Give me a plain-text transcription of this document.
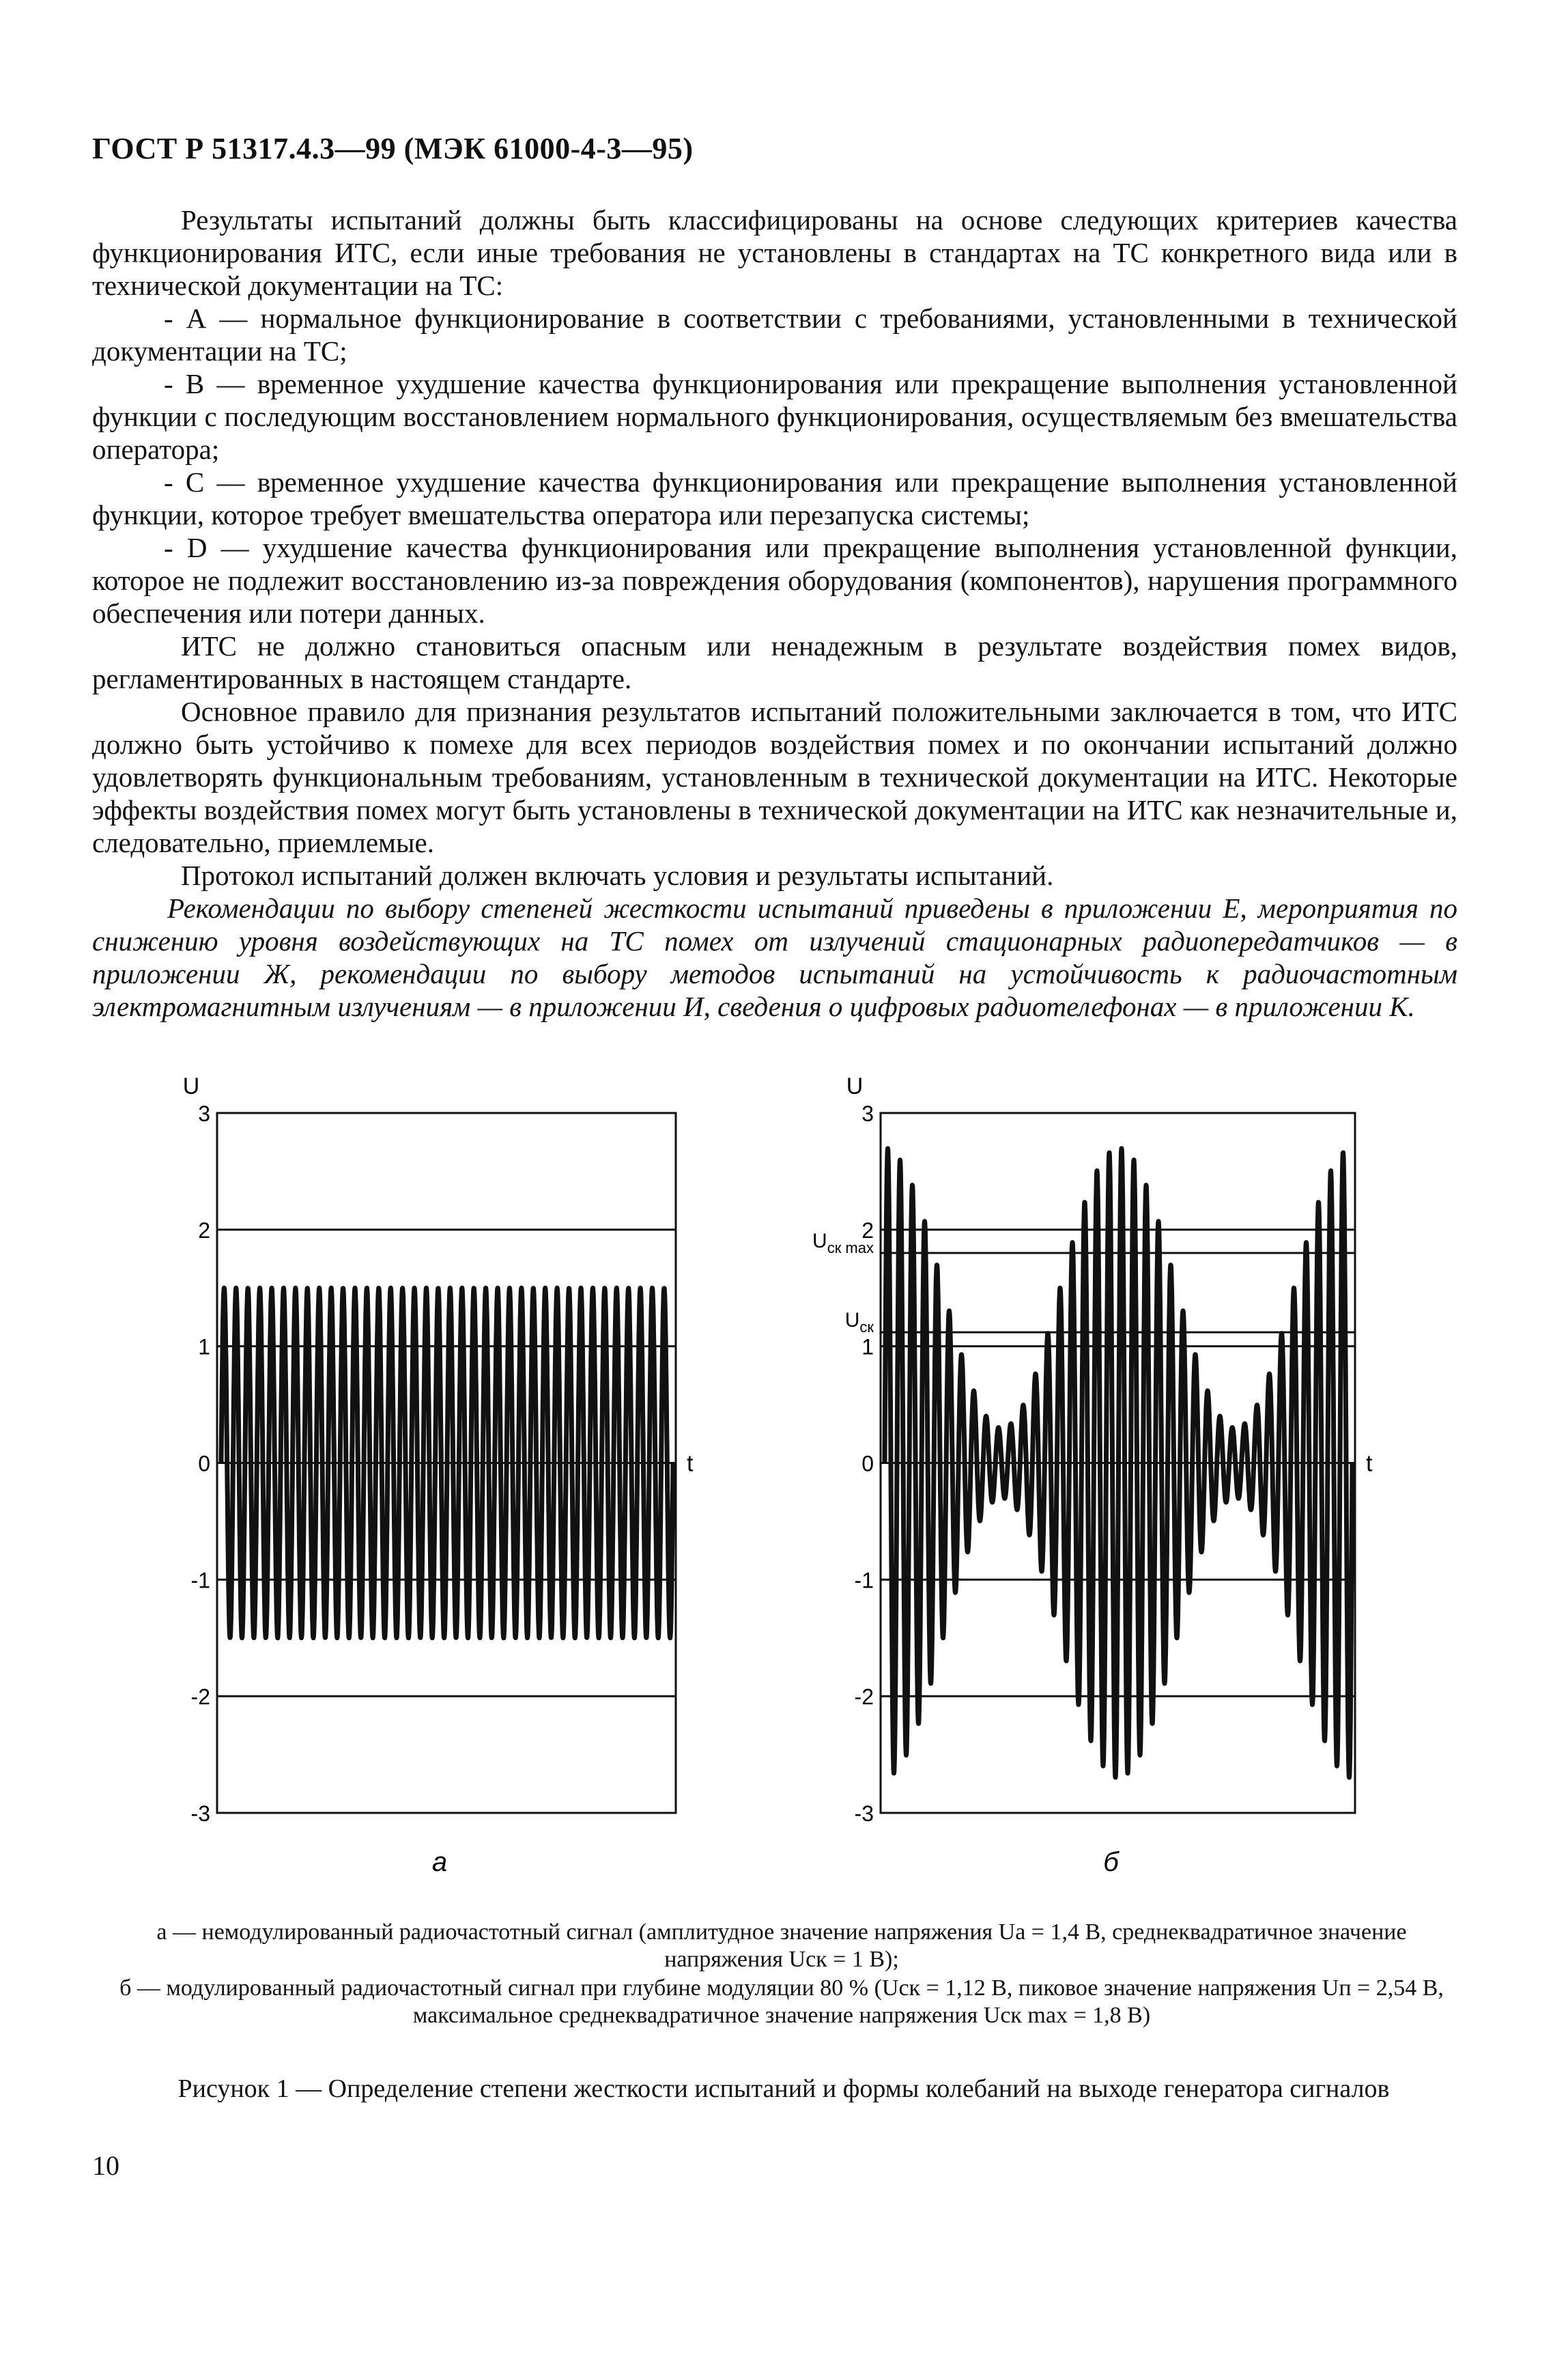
ГОСТ Р 51317.4.3—99 (МЭК 61000-4-3—95)

Результаты испытаний должны быть классифицированы на основе следующих критериев качества функционирования ИТС, если иные требования не установлены в стандартах на ТС конкретного вида или в технической документации на ТС:

- А — нормальное функционирование в соответствии с требованиями, установленными в технической документации на ТС;

- В — временное ухудшение качества функционирования или прекращение выполнения установленной функции с последующим восстановлением нормального функционирования, осуществляемым без вмешательства оператора;

- С — временное ухудшение качества функционирования или прекращение выполнения установленной функции, которое требует вмешательства оператора или перезапуска системы;

- D — ухудшение качества функционирования или прекращение выполнения установленной функции, которое не подлежит восстановлению из-за повреждения оборудования (компонентов), нарушения программного обеспечения или потери данных.

ИТС не должно становиться опасным или ненадежным в результате воздействия помех видов, регламентированных в настоящем стандарте.

Основное правило для признания результатов испытаний положительными заключается в том, что ИТС должно быть устойчиво к помехе для всех периодов воздействия помех и по окончании испытаний должно удовлетворять функциональным требованиям, установленным в технической документации на ИТС. Некоторые эффекты воздействия помех могут быть установлены в технической документации на ИТС как незначительные и, следовательно, приемлемые.

Протокол испытаний должен включать условия и результаты испытаний.

Рекомендации по выбору степеней жесткости испытаний приведены в приложении Е, мероприятия по снижению уровня воздействующих на ТС помех от излучений стационарных радиопередатчиков — в приложении Ж, рекомендации по выбору методов испытаний на устойчивость к радиочастотным электромагнитным излучениям — в приложении И, сведения о цифровых радиотелефонах — в приложении К.

3
2
1
0
-1
-2
-3
U
t
а
3
2
1
0
-1
-2
-3
U
t
б
$U_{ск max}$
$U_{ск}$

а — немодулированный радиочастотный сигнал (амплитудное значение напряжения Uа = 1,4 В, среднеквадратичное значение напряжения Uск = 1 В);

б — модулированный радиочастотный сигнал при глубине модуляции 80 % (Uск = 1,12 В, пиковое значение напряжения Uп = 2,54 В, максимальное среднеквадратичное значение напряжения Uск max = 1,8 В)

Рисунок 1 — Определение степени жесткости испытаний и формы колебаний на выходе генератора сигналов
10
